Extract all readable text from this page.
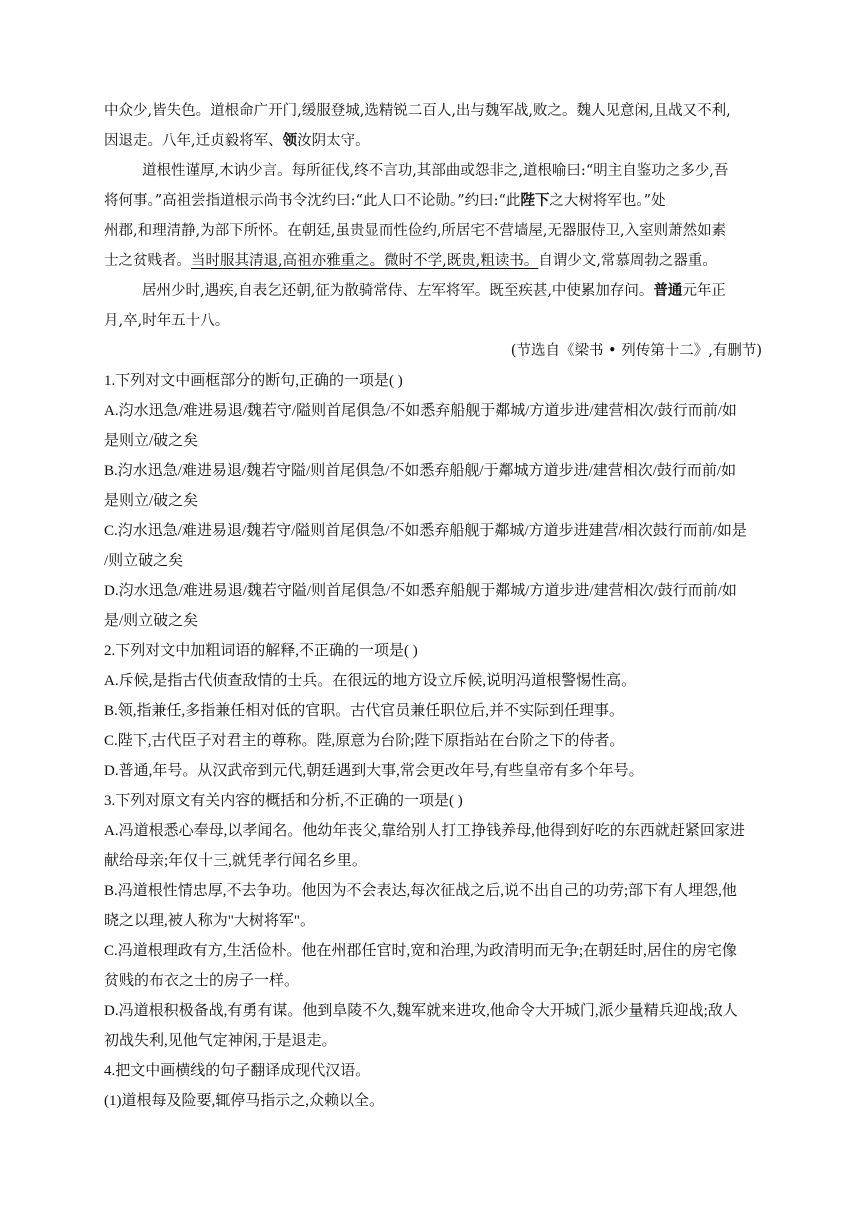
中众少,皆失色。道根命广开门,缓服登城,选精锐二百人,出与魏军战,败之。魏人见意闲,且战又不利,
因退走。八年,迁贞毅将军、领汝阴太守。
道根性谨厚,木讷少言。每所征伐,终不言功,其部曲或怨非之,道根喻曰:“明主自鉴功之多少,吾
将何事。”高祖尝指道根示尚书令沈约曰:“此人口不论勋。”约曰:“此陛下之大树将军也。”处
州郡,和理清静,为部下所怀。在朝廷,虽贵显而性俭约,所居宅不营墙屋,无器服侍卫,入室则萧然如素
士之贫贱者。当时服其清退,高祖亦雅重之。微时不学,既贵,粗读书。自谓少文,常慕周勃之器重。
居州少时,遇疾,自表乞还朝,征为散骑常侍、左军将军。既至疾甚,中使累加存问。普通元年正
月,卒,时年五十八。
(节选自《梁书 • 列传第十二》,有删节)
1.下列对文中画框部分的断句,正确的一项是( )
A.汮水迅急/难进易退/魏若守/隘则首尾俱急/不如悉弃船舰于鄰城/方道步进/建营相次/鼓行而前/如
是则立/破之矣
B.汮水迅急/难进易退/魏若守隘/则首尾俱急/不如悉弃船舰/于鄰城方道步进/建营相次/鼓行而前/如
是则立/破之矣
C.汮水迅急/难进易退/魏若守/隘则首尾俱急/不如悉弃船舰于鄰城/方道步进建营/相次鼓行而前/如是
/则立破之矣
D.汮水迅急/难进易退/魏若守隘/则首尾俱急/不如悉弃船舰于鄰城/方道步进/建营相次/鼓行而前/如
是/则立破之矣
2.下列对文中加粗词语的解释,不正确的一项是( )
A.斥候,是指古代侦查敌情的士兵。在很远的地方设立斥候,说明冯道根警惕性高。
B.领,指兼任,多指兼任相对低的官职。古代官员兼任职位后,并不实际到任理事。
C.陛下,古代臣子对君主的尊称。陛,原意为台阶;陛下原指站在台阶之下的侍者。
D.普通,年号。从汉武帝到元代,朝廷遇到大事,常会更改年号,有些皇帝有多个年号。
3.下列对原文有关内容的概括和分析,不正确的一项是( )
A.冯道根悉心奉母,以孝闻名。他幼年丧父,靠给别人打工挣钱养母,他得到好吃的东西就赶紧回家进
献给母亲;年仅十三,就凭孝行闻名乡里。
B.冯道根性情忠厚,不去争功。他因为不会表达,每次征战之后,说不出自己的功劳;部下有人埋怨,他
晓之以理,被人称为"大树将军"。
C.冯道根理政有方,生活俭朴。他在州郡任官时,宽和治理,为政清明而无争;在朝廷时,居住的房宅像
贫贱的布衣之士的房子一样。
D.冯道根积极备战,有勇有谋。他到阜陵不久,魏军就来进攻,他命令大开城门,派少量精兵迎战;敌人
初战失利,见他气定神闲,于是退走。
4.把文中画横线的句子翻译成现代汉语。
(1)道根每及险要,辄停马指示之,众赖以全。
